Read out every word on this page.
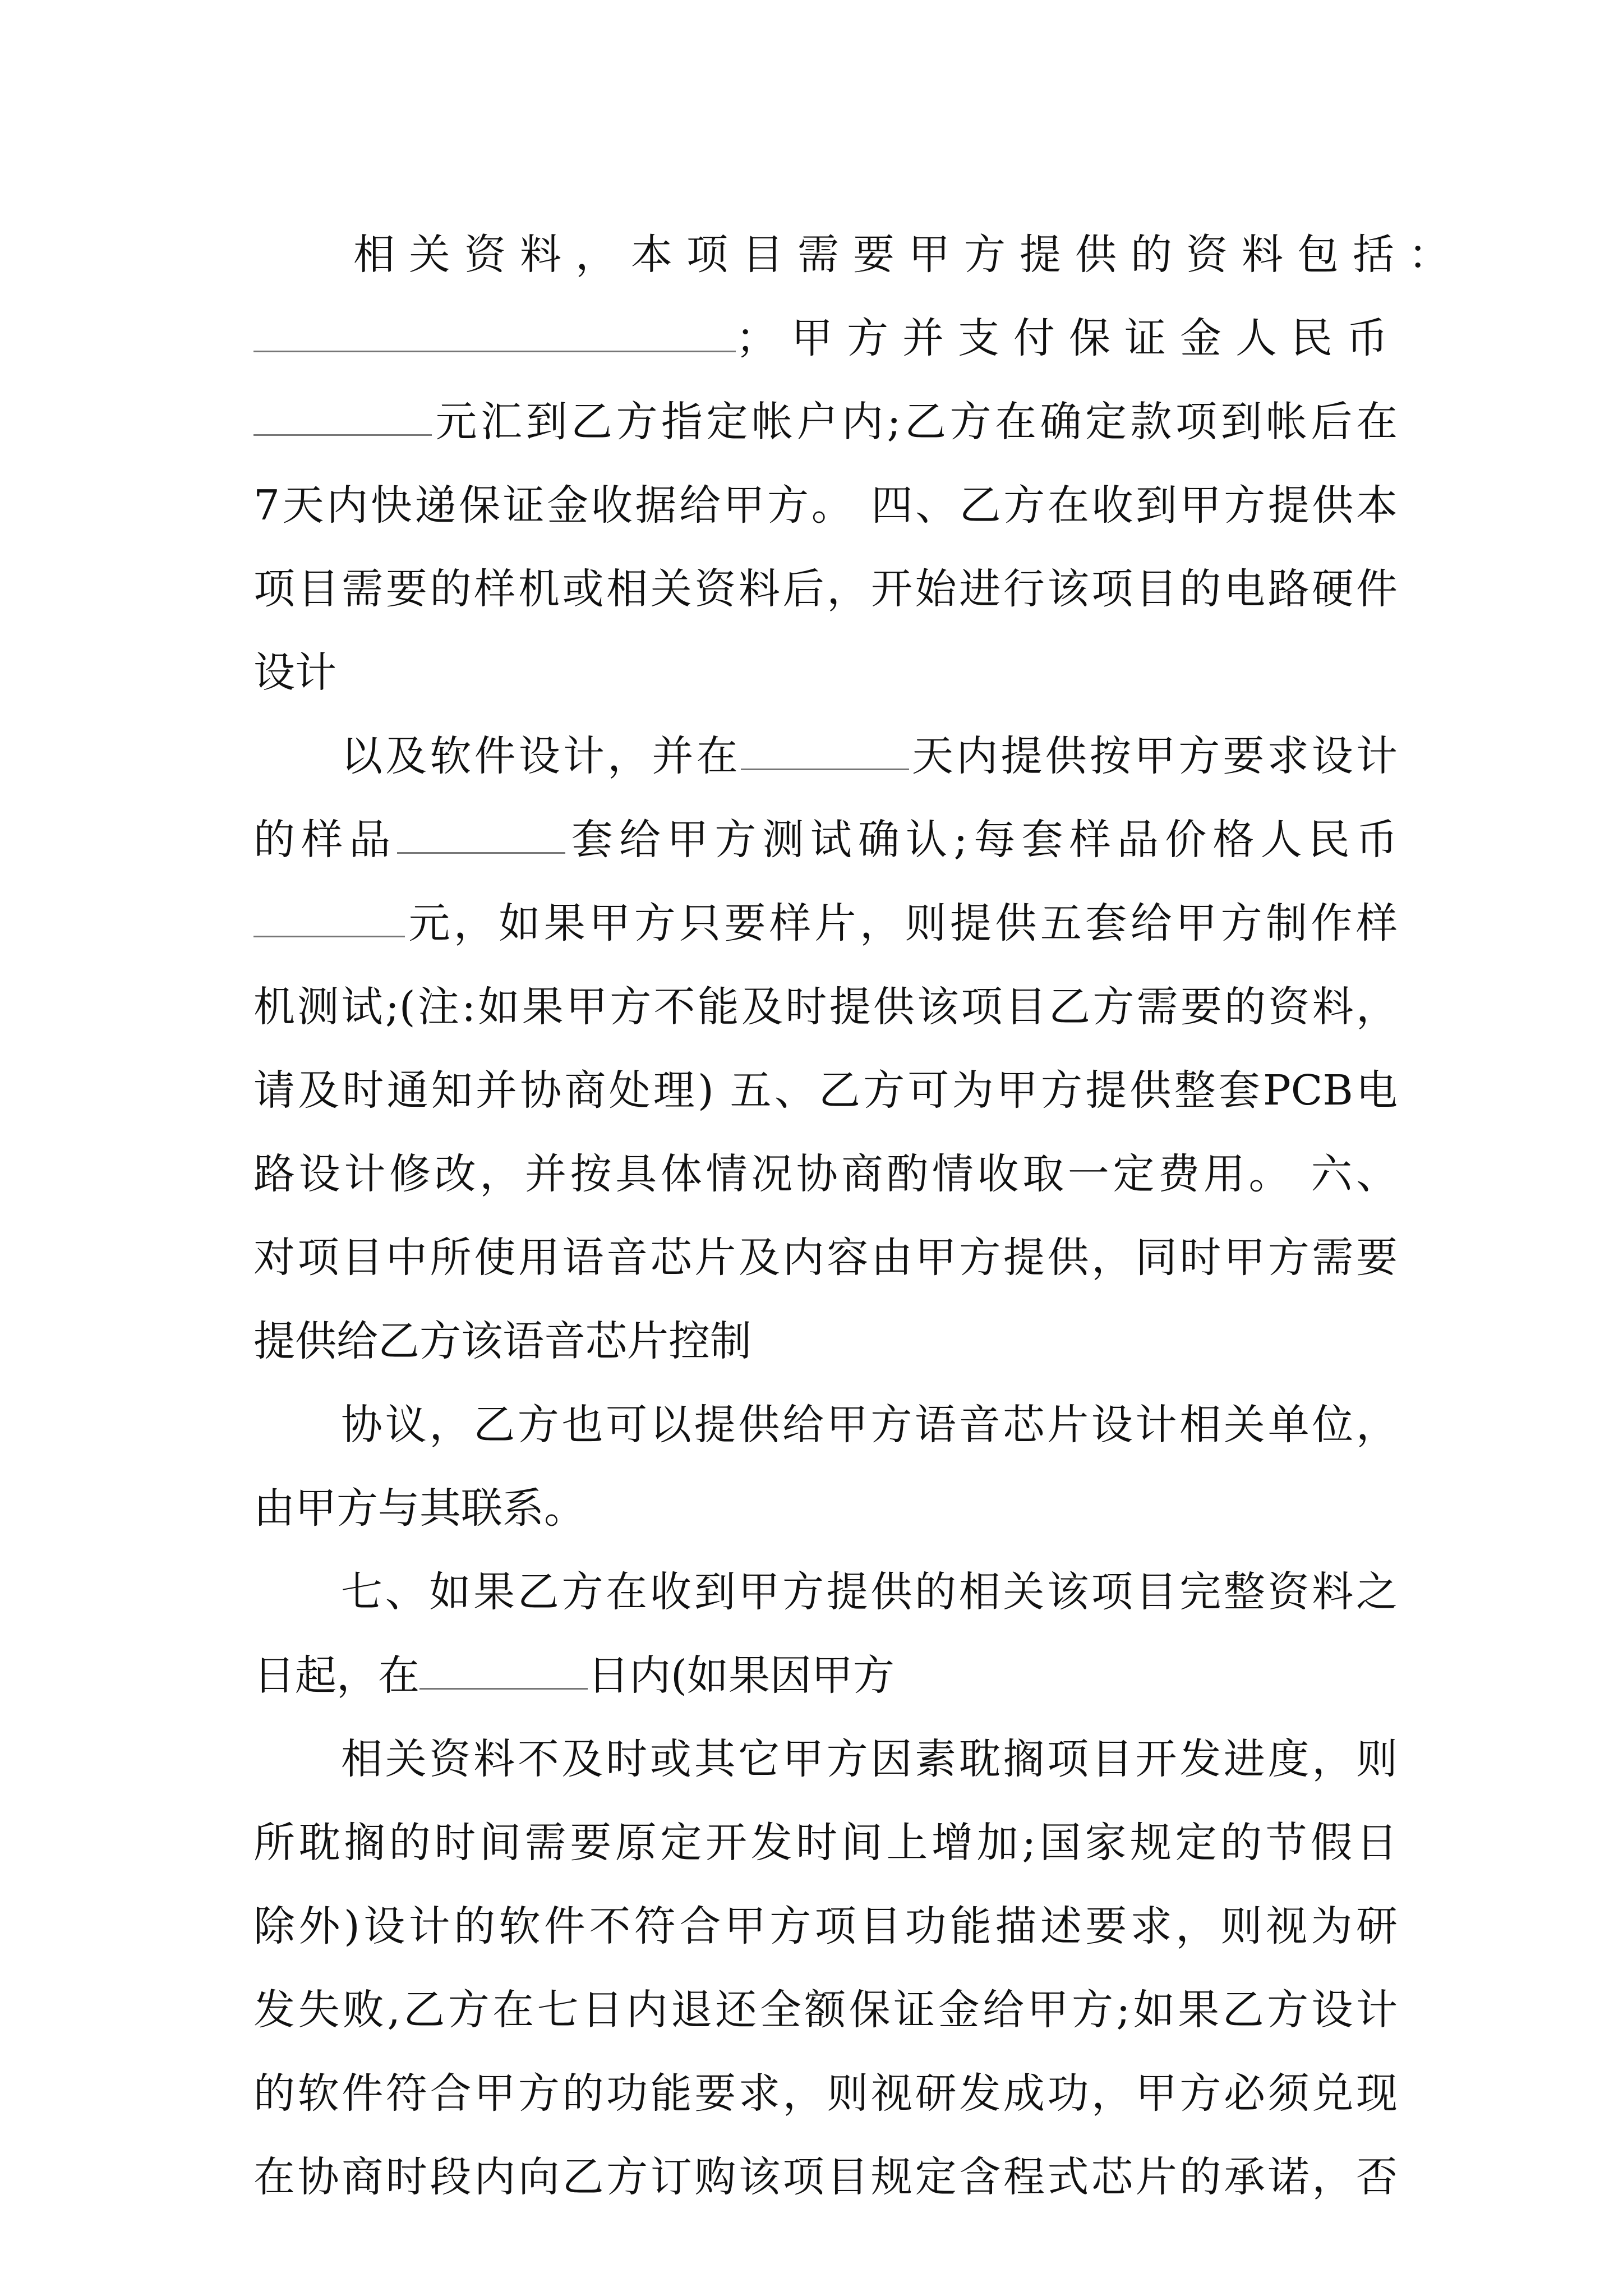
相关资料，本项目需要甲方提供的资料包括：
；甲方并支付保证金人民币
元汇到乙方指定帐户内;乙方在确定款项到帐后在
7天内快递保证金收据给甲方。 四、乙方在收到甲方提供本
项目需要的样机或相关资料后，开始进行该项目的电路硬件
设计
以及软件设计，并在	天内提供按甲方要求设计
的样品	套给甲方测试确认;每套样品价格人民币
元，如果甲方只要样片，则提供五套给甲方制作样
机测试;(注:如果甲方不能及时提供该项目乙方需要的资料，
请及时通知并协商处理) 五、乙方可为甲方提供整套PCB电
路设计修改，并按具体情况协商酌情收取一定费用。 六、
对项目中所使用语音芯片及内容由甲方提供，同时甲方需要
提供给乙方该语音芯片控制
协议，乙方也可以提供给甲方语音芯片设计相关单位，
由甲方与其联系。
七、如果乙方在收到甲方提供的相关该项目完整资料之
日起，在	日内(如果因甲方
相关资料不及时或其它甲方因素耽搁项目开发进度，则
所耽搁的时间需要原定开发时间上增加;国家规定的节假日
除外)设计的软件不符合甲方项目功能描述要求，则视为研
发失败,乙方在七日内退还全额保证金给甲方;如果乙方设计
的软件符合甲方的功能要求，则视研发成功，甲方必须兑现
在协商时段内向乙方订购该项目规定含程式芯片的承诺，否
